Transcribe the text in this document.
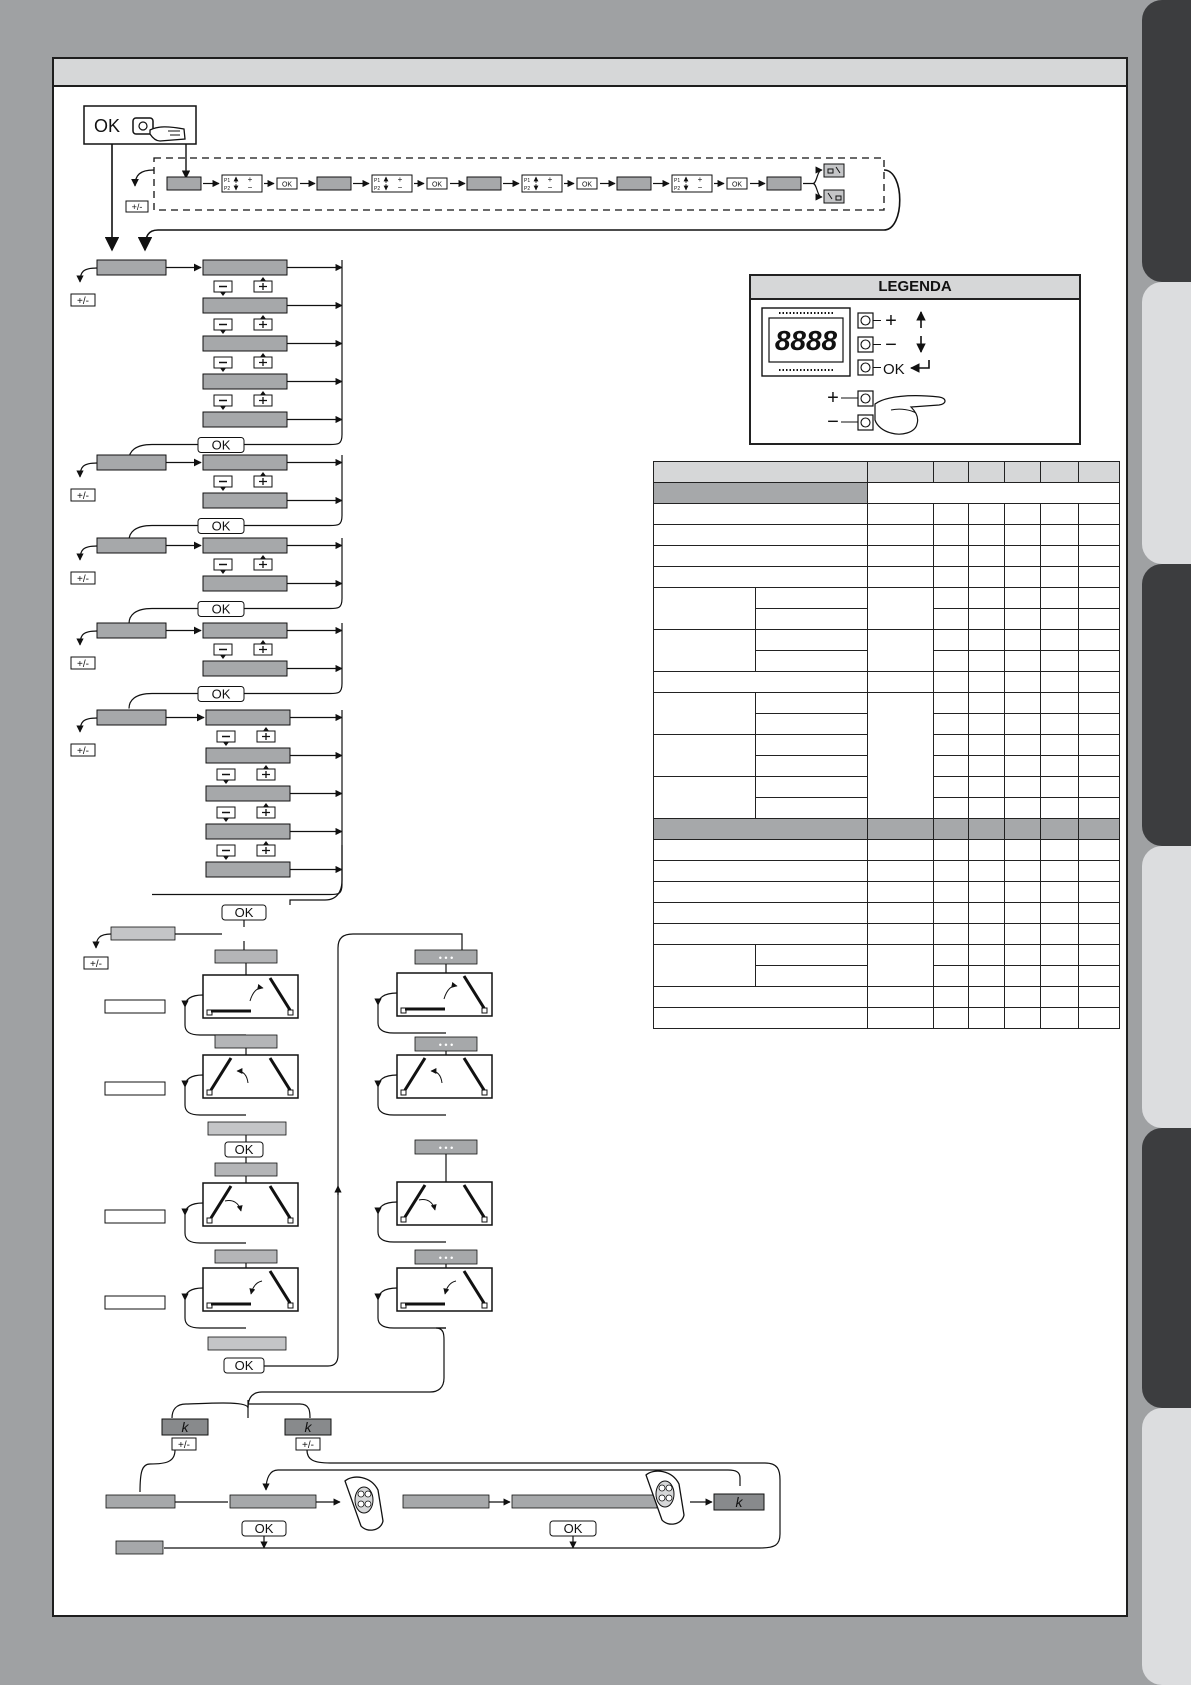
OK
P1
P2
+
−	OK
P1
P2
+
−	OK
P1
P2
+
−	OK
P1
P2
+
−	OK
+/-
+/-
OK
+/-
OK
+/-
OK
+/-
OK
+/-
OK
+/-
OK
OK
• • •
• • •
• • •
• • •
k	k
+/-	+/-
k
OK	OK
LEGENDA
8888
+
−
OK
+
−
